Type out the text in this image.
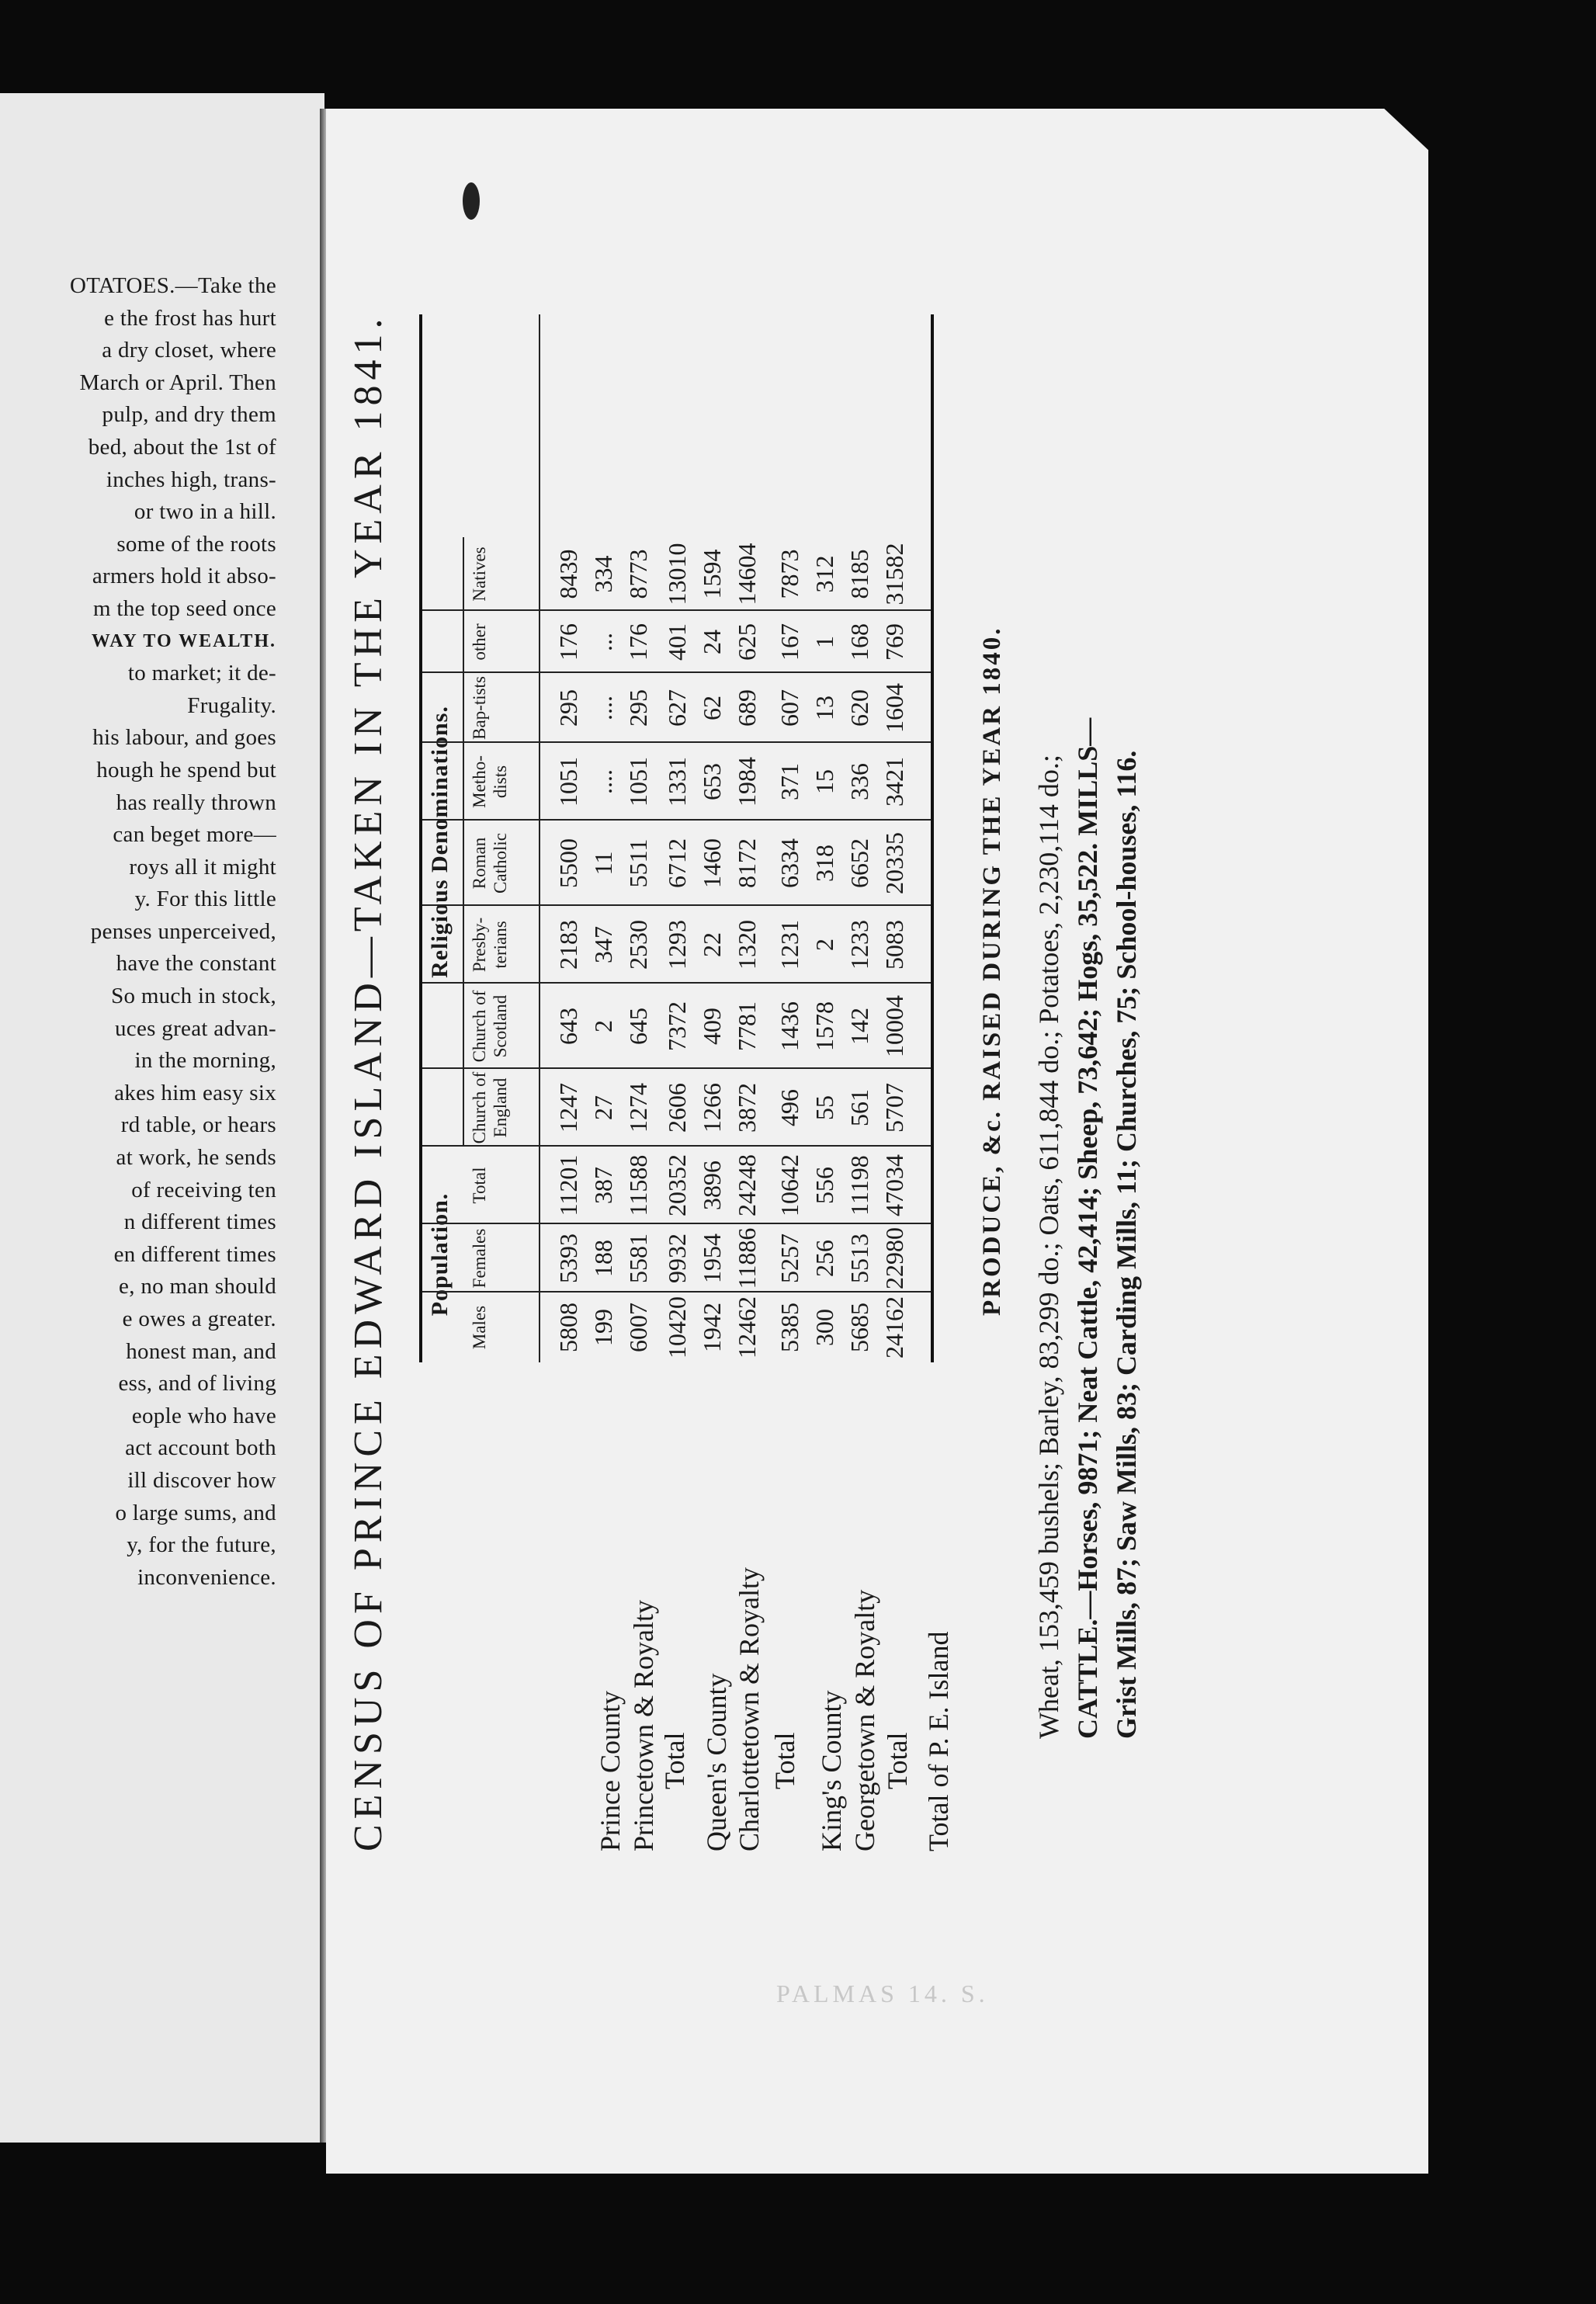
OTATOES.—Take the
e the frost has hurt
a dry closet, where
March or April. Then
pulp, and dry them
bed, about the 1st of
inches high, trans-
or two in a hill.
some of the roots
armers hold it abso-
m the top seed once
WAY TO WEALTH.
to market; it de-
Frugality.
his labour, and goes
hough he spend but
has really thrown
can beget more—
roys all it might
y. For this little
penses unperceived,
have the constant
So much in stock,
uces great advan-
in the morning,
akes him easy six
rd table, or hears
at work, he sends
of receiving ten
n different times
en different times
e, no man should
e owes a greater.
honest man, and
ess, and of living
eople who have
act account both
ill discover how
o large sums, and
y, for the future,
inconvenience. CENSUS OF PRINCE EDWARD ISLAND—TAKEN IN THE YEAR 1841.	Prince County Princetown & Royalty Total Queen's County Charlottetown & Royalty Total King's County Georgetown & Royalty Total Total of P. E. Island
Population.
Religious Denominations.
Males
Females
Total
Church of England
Church of Scotland
Presby-terians
Roman Catholic
Metho-dists
Bap-tists
other
Natives
5808
5393
11201
1247
643
2183
5500
1051
295
176
8439
199
188
387
27
2
347
11
....
....
...
334
6007
5581
11588
1274
645
2530
5511
1051
295
176
8773
10420
9932
20352
2606
7372
1293
6712
1331
627
401
13010
1942
1954
3896
1266
409
22
1460
653
62
24
1594
12462
11886
24248
3872
7781
1320
8172
1984
689
625
14604
5385
5257
10642
496
1436
1231
6334
371
607
167
7873
300
256
556
55
1578
2
318
15
13
1
312
5685
5513
11198
561
142
1233
6652
336
620
168
8185
24162
22980
47034
5707
10004
5083
20335
3421
1604
769
31582
PRODUCE, &c. RAISED DURING THE YEAR 1840. Wheat, 153,459 bushels; Barley, 83,299 do.; Oats, 611,844 do.; Potatoes, 2,230,114 do.; CATTLE.—Horses, 9871; Neat Cattle, 42,414; Sheep, 73,642; Hogs, 35,522. MILLS— Grist Mills, 87; Saw Mills, 83; Carding Mills, 11; Churches, 75; School-houses, 116.
PALMAS 14. S.
